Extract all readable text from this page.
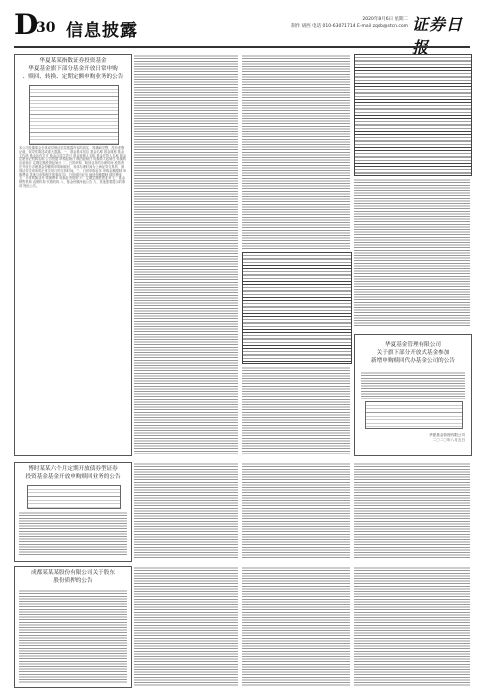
D
30 信息披露
2020年8月6日 星期二
制作 胡西 电话 010-63071714 E-mail zqsb@stcn.com 证券日
华夏某某指数证券投资基金
华夏基金旗下部分基金开放日常申购
、赎回、转换、定期定额申购业务的公告
本公司及董事会全体成员保证信息披露内容的真实、准确和完整，没有虚假记载、误导性陈述或重大遗漏。一、基金基本信息 基金名称 基金简称 基金主代码 基金运作方式 基金合同生效日 基金管理人名称 基金托管人名称 基金注册登记机构名称 公告依据 申购起始日 赎回起始日 转换转入起始日 转换转出起始日 定期定额投资起始日 二、日常申购、赎回业务的办理时间 投资者在开放日办理基金份额的申购和赎回，具体办理时间为上海证券交易所、深圳证券交易所的正常交易日的交易时间。三、日常申购业务 申购金额限制 申购费率 其他与申购相关的事项 四、日常赎回业务 赎回份额限制 赎回费率 五、日常转换业务 转换费率 转换业务规则 六、定期定额投资业务 七、基金销售机构 直销机构 代销机构 八、基金份额净值公告 九、其他需要提示的事项 特此公告。
华夏基金管理有限公司
关于旗下部分开放式基金参加
新增申购赎回代办基金公司的公告
华夏基金管理有限公司
二〇二〇年八月五日
博时某某六个月定期开放债券型证券
投资基金基金开放申购赎回业务的公告
成都某某某股份有限公司关于股东
股份质押的公告
